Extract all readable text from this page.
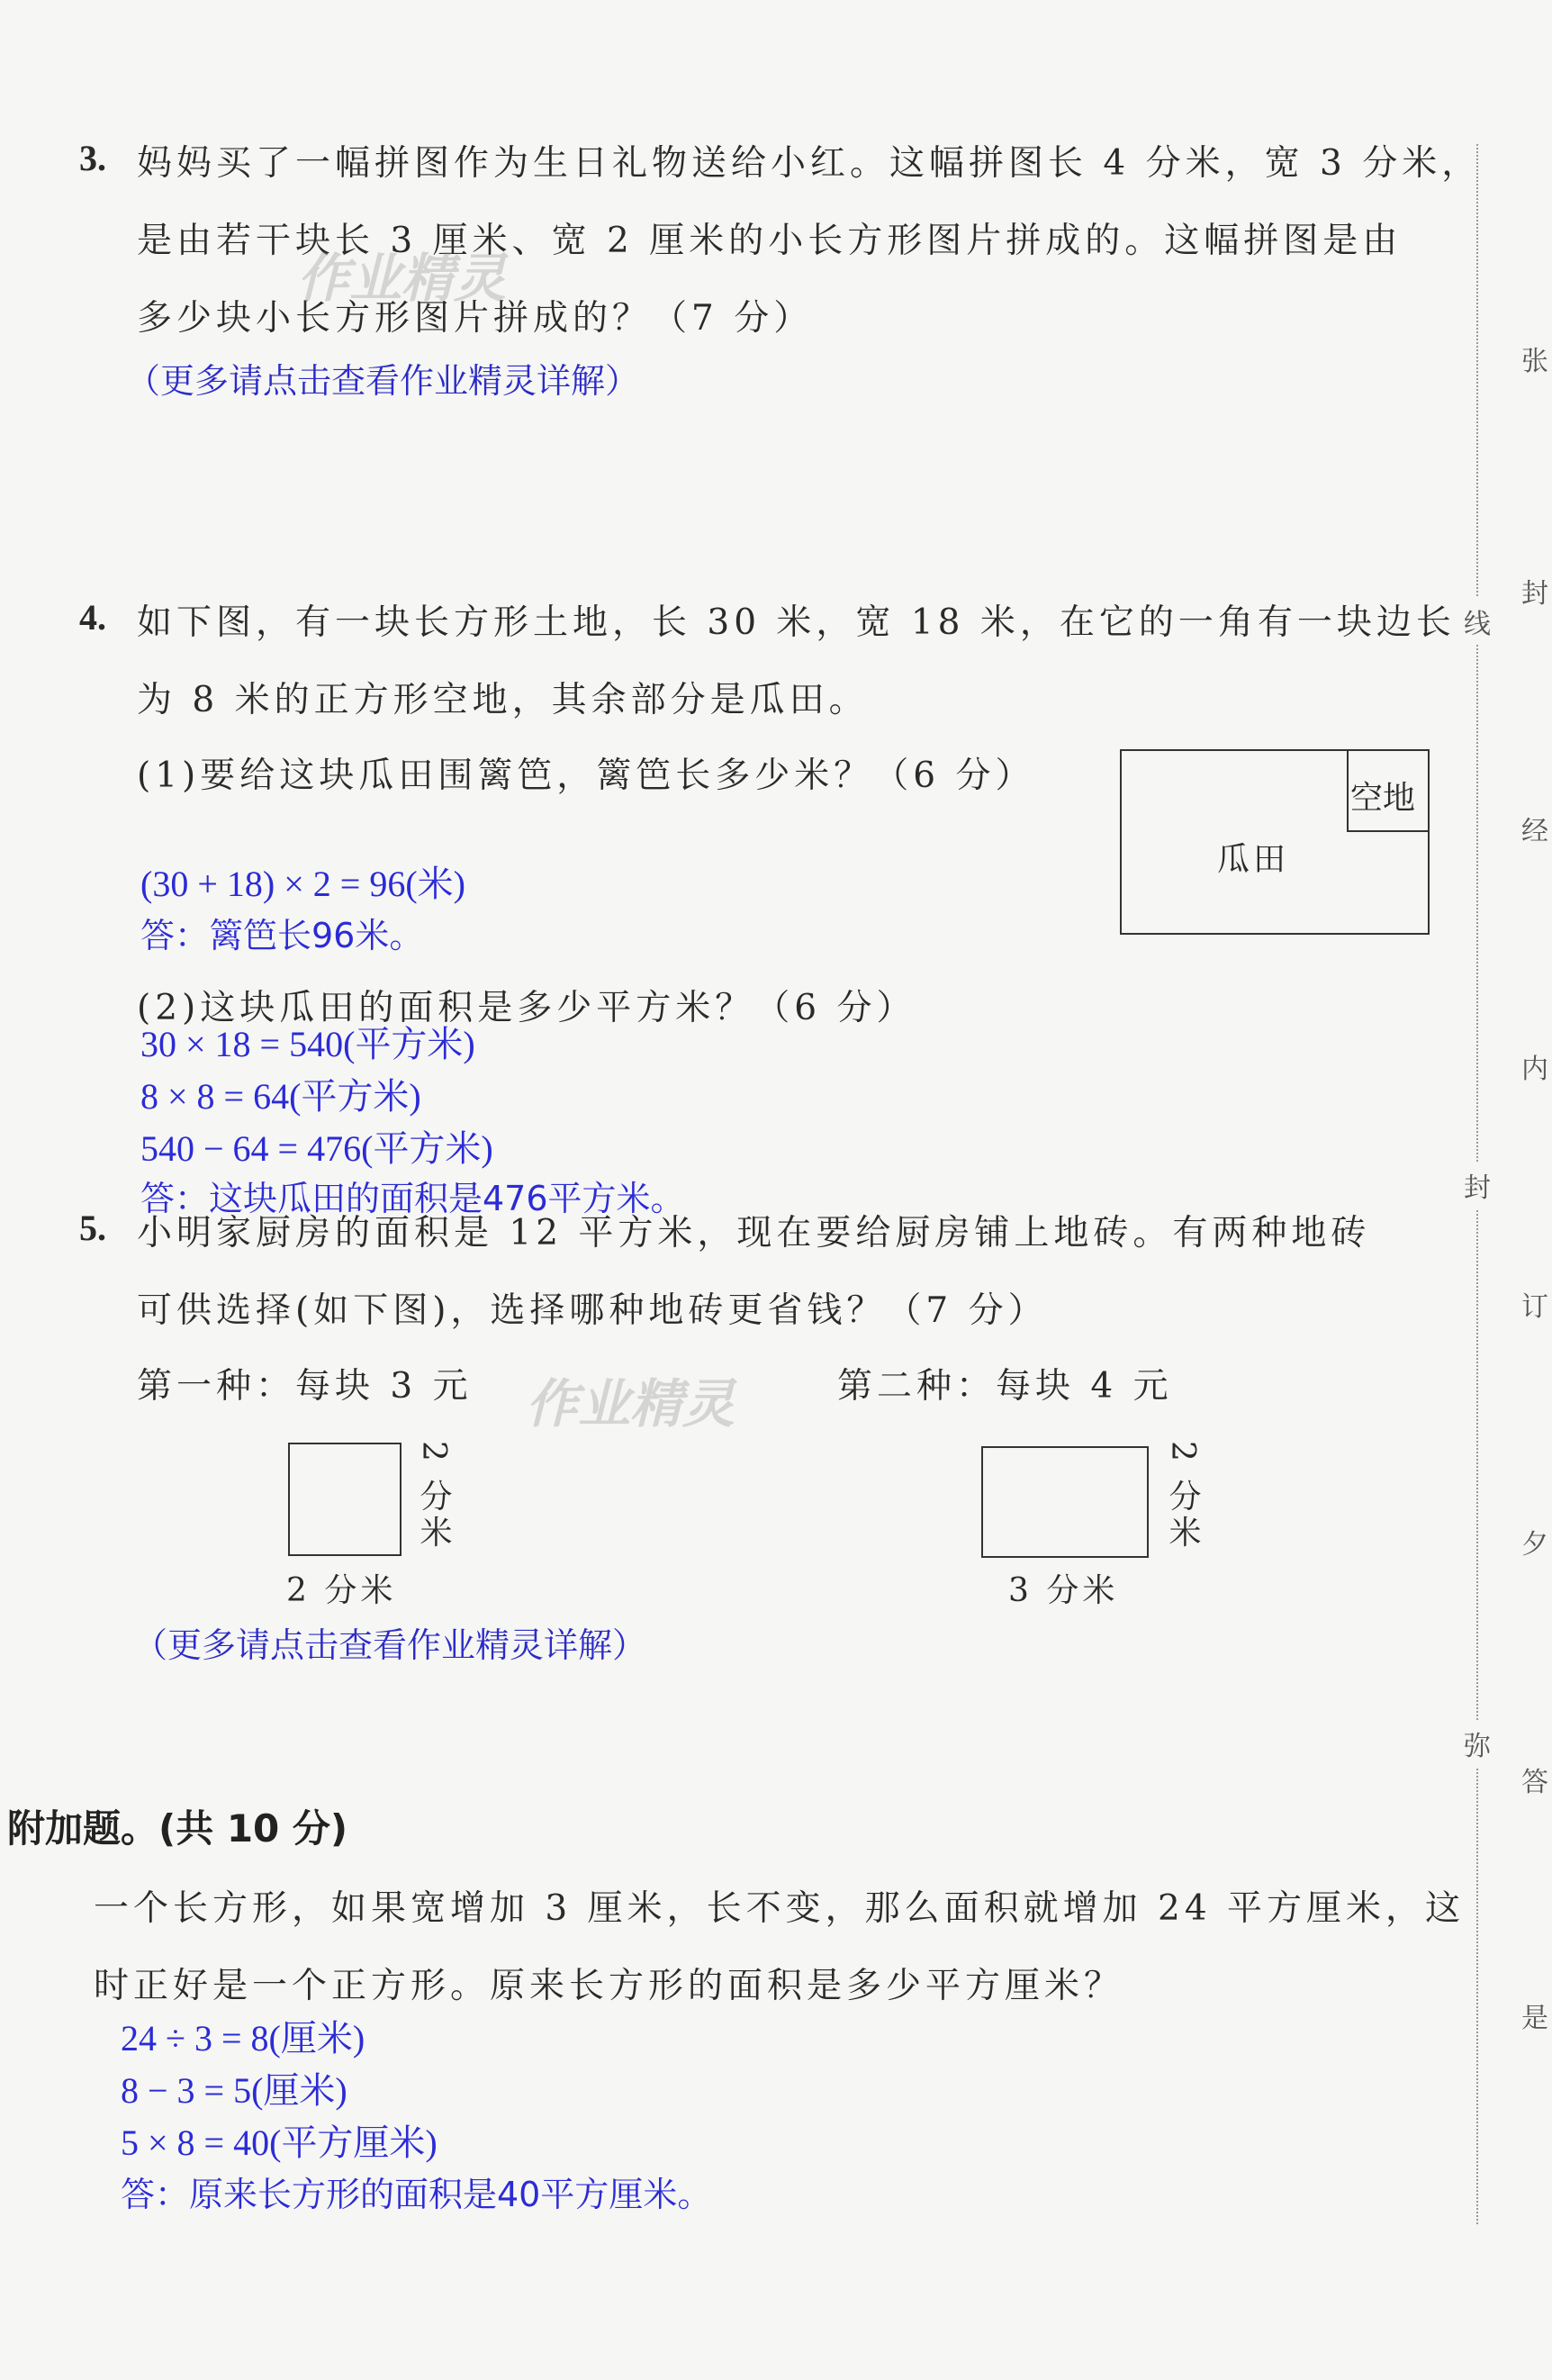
3. 妈妈买了一幅拼图作为生日礼物送给小红。这幅拼图长 4 分米，宽 3 分米，
是由若干块长 3 厘米、宽 2 厘米的小长方形图片拼成的。这幅拼图是由
多少块小长方形图片拼成的？（7 分）
（更多请点击查看作业精灵详解）
作业精灵
4. 如下图，有一块长方形土地，长 30 米，宽 18 米，在它的一角有一块边长
为 8 米的正方形空地，其余部分是瓜田。
(1)要给这块瓜田围篱笆，篱笆长多少米？（6 分）
瓜田
空地
(30 + 18) × 2 = 96(米)
答：篱笆长96米。
(2)这块瓜田的面积是多少平方米？（6 分）
30 × 18 = 540(平方米)
8 × 8 = 64(平方米)
540 − 64 = 476(平方米)
答：这块瓜田的面积是476平方米。
5. 小明家厨房的面积是 12 平方米，现在要给厨房铺上地砖。有两种地砖
可供选择(如下图)，选择哪种地砖更省钱？（7 分）
第一种：每块 3 元 作业精灵	第二种：每块 4 元
2 分米
2 分米
2 分米
3 分米
（更多请点击查看作业精灵详解）
附加题。(共 10 分)
一个长方形，如果宽增加 3 厘米，长不变，那么面积就增加 24 平方厘米，这
时正好是一个正方形。原来长方形的面积是多少平方厘米？
24 ÷ 3 = 8(厘米)
8 − 3 = 5(厘米)
5 × 8 = 40(平方厘米)
答：原来长方形的面积是40平方厘米。
线
封
弥
张
封
经
内
订
夕
答
是
